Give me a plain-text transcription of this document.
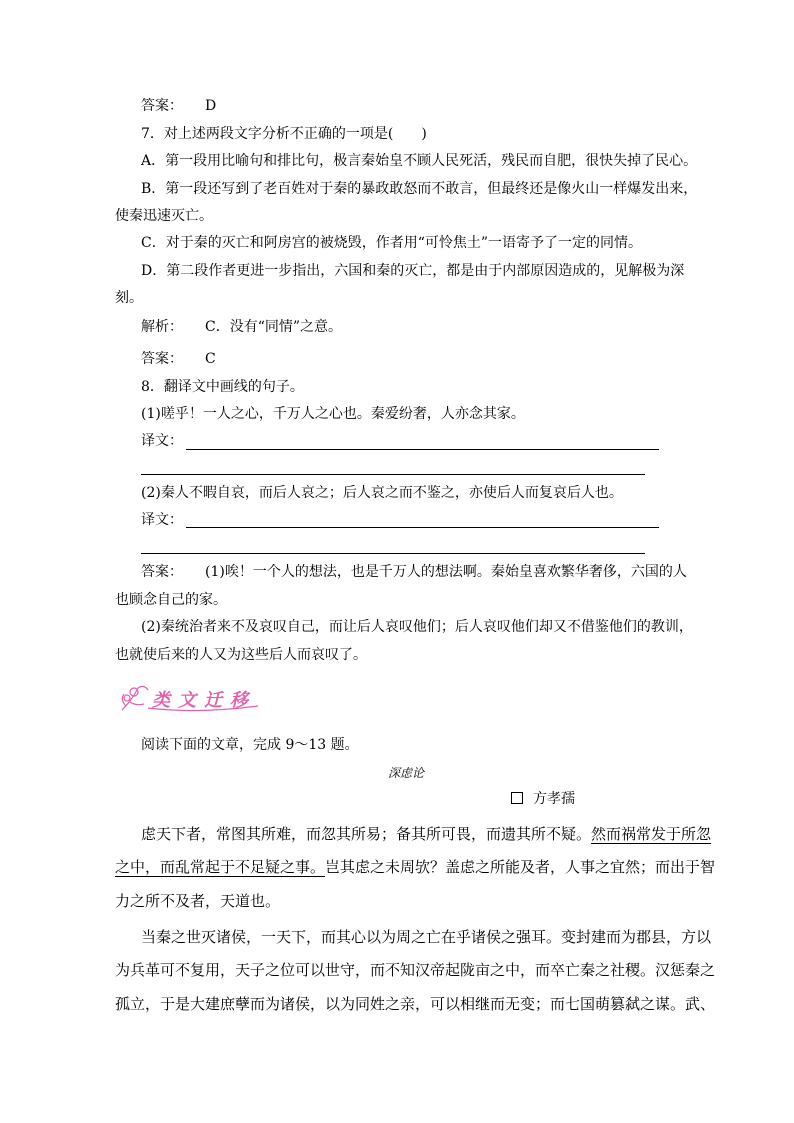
答案： D
7．对上述两段文字分析不正确的一项是(　　)
A．第一段用比喻句和排比句，极言秦始皇不顾人民死活，残民而自肥，很快失掉了民心。
B．第一段还写到了老百姓对于秦的暴政敢怒而不敢言，但最终还是像火山一样爆发出来，
使秦迅速灭亡。
C．对于秦的灭亡和阿房宫的被烧毁，作者用“可怜焦土”一语寄予了一定的同情。
D．第二段作者更进一步指出，六国和秦的灭亡，都是由于内部原因造成的，见解极为深
刻。
解析： C．没有“同情”之意。
答案： C
8．翻译文中画线的句子。
(1)嗟乎！一人之心，千万人之心也。秦爱纷奢，人亦念其家。
译文：
(2)秦人不暇自哀，而后人哀之；后人哀之而不鉴之，亦使后人而复哀后人也。
译文：
答案： (1)唉！一个人的想法，也是千万人的想法啊。秦始皇喜欢繁华奢侈，六国的人
也顾念自己的家。
(2)秦统治者来不及哀叹自己，而让后人哀叹他们；后人哀叹他们却又不借鉴他们的教训，
也就使后来的人又为这些后人而哀叹了。
类文迁移
阅读下面的文章，完成 9～13 题。
深虑论
方孝孺
虑天下者，常图其所难，而忽其所易；备其所可畏，而遗其所不疑。然而祸常发于所忽
之中，而乱常起于不足疑之事。岂其虑之未周欤？盖虑之所能及者，人事之宜然；而出于智
力之所不及者，天道也。
当秦之世灭诸侯，一天下，而其心以为周之亡在乎诸侯之强耳。变封建而为郡县，方以
为兵革可不复用，天子之位可以世守，而不知汉帝起陇亩之中，而卒亡秦之社稷。汉惩秦之
孤立，于是大建庶孽而为诸侯，以为同姓之亲，可以相继而无变；而七国萌篡弑之谋。武、
